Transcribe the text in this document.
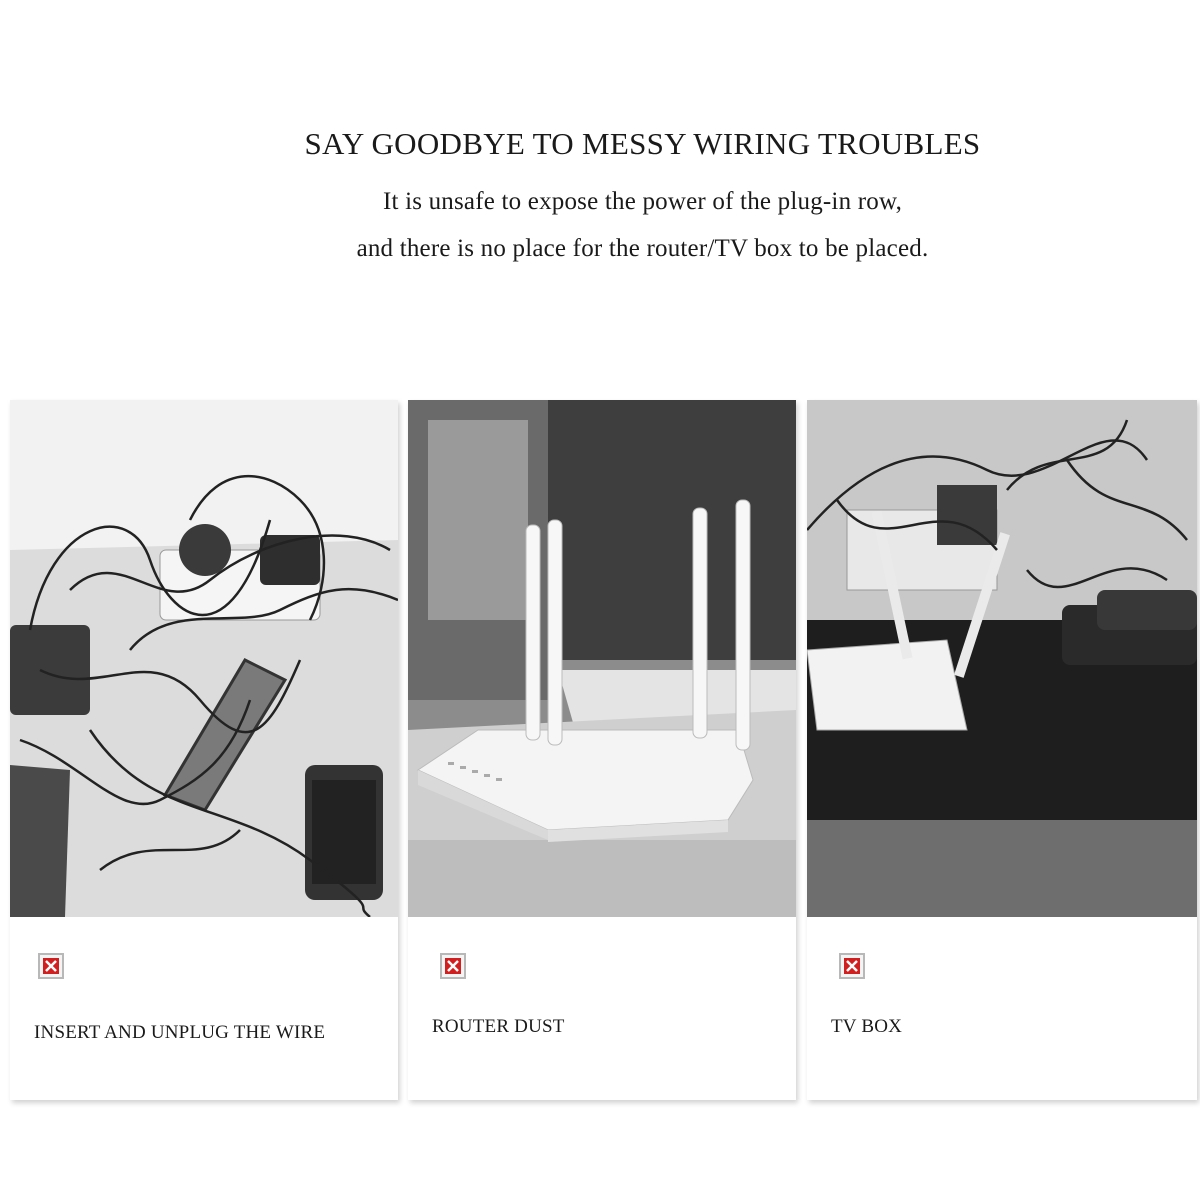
SAY GOODBYE TO MESSY WIRING TROUBLES

It is unsafe to expose the power of the plug-in row,

and there is no place for the router/TV box to be placed.

INSERT AND UNPLUG THE WIRE	ROUTER DUST	TV BOX
